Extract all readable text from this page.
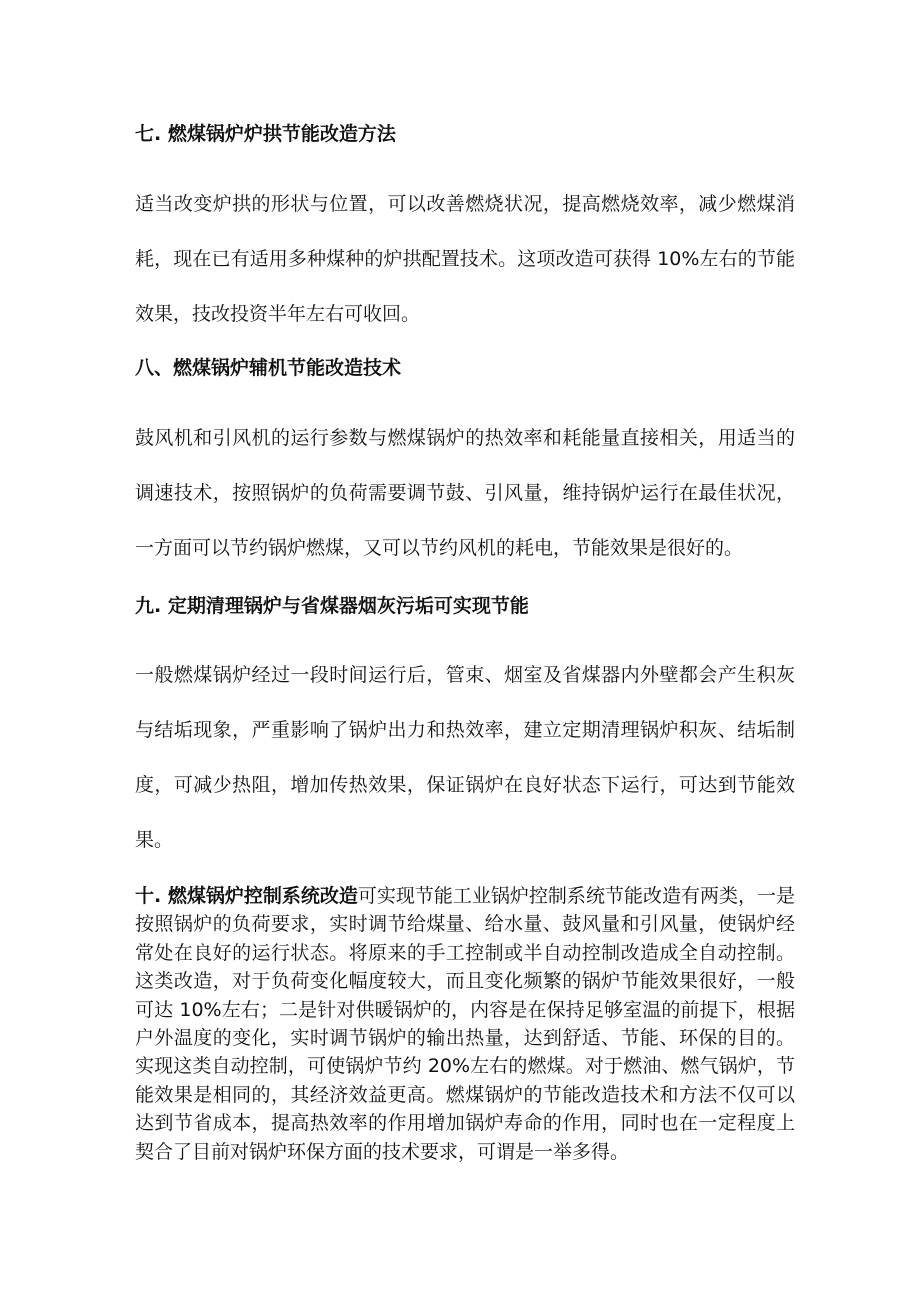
七. 燃煤锅炉炉拱节能改造方法

适当改变炉拱的形状与位置，可以改善燃烧状况，提高燃烧效率，减少燃煤消耗，现在已有适用多种煤种的炉拱配置技术。这项改造可获得 10%左右的节能效果，技改投资半年左右可收回。

八、燃煤锅炉辅机节能改造技术

鼓风机和引风机的运行参数与燃煤锅炉的热效率和耗能量直接相关，用适当的调速技术，按照锅炉的负荷需要调节鼓、引风量，维持锅炉运行在最佳状况，一方面可以节约锅炉燃煤，又可以节约风机的耗电，节能效果是很好的。

九. 定期清理锅炉与省煤器烟灰污垢可实现节能

一般燃煤锅炉经过一段时间运行后，管束、烟室及省煤器内外壁都会产生积灰与结垢现象，严重影响了锅炉出力和热效率，建立定期清理锅炉积灰、结垢制度，可减少热阻，增加传热效果，保证锅炉在良好状态下运行，可达到节能效果。

十. 燃煤锅炉控制系统改造可实现节能工业锅炉控制系统节能改造有两类，一是按照锅炉的负荷要求，实时调节给煤量、给水量、鼓风量和引风量，使锅炉经常处在良好的运行状态。将原来的手工控制或半自动控制改造成全自动控制。这类改造，对于负荷变化幅度较大，而且变化频繁的锅炉节能效果很好，一般可达 10%左右；二是针对供暖锅炉的，内容是在保持足够室温的前提下，根据户外温度的变化，实时调节锅炉的输出热量，达到舒适、节能、环保的目的。实现这类自动控制，可使锅炉节约 20%左右的燃煤。对于燃油、燃气锅炉，节能效果是相同的，其经济效益更高。燃煤锅炉的节能改造技术和方法不仅可以达到节省成本，提高热效率的作用增加锅炉寿命的作用，同时也在一定程度上契合了目前对锅炉环保方面的技术要求，可谓是一举多得。
